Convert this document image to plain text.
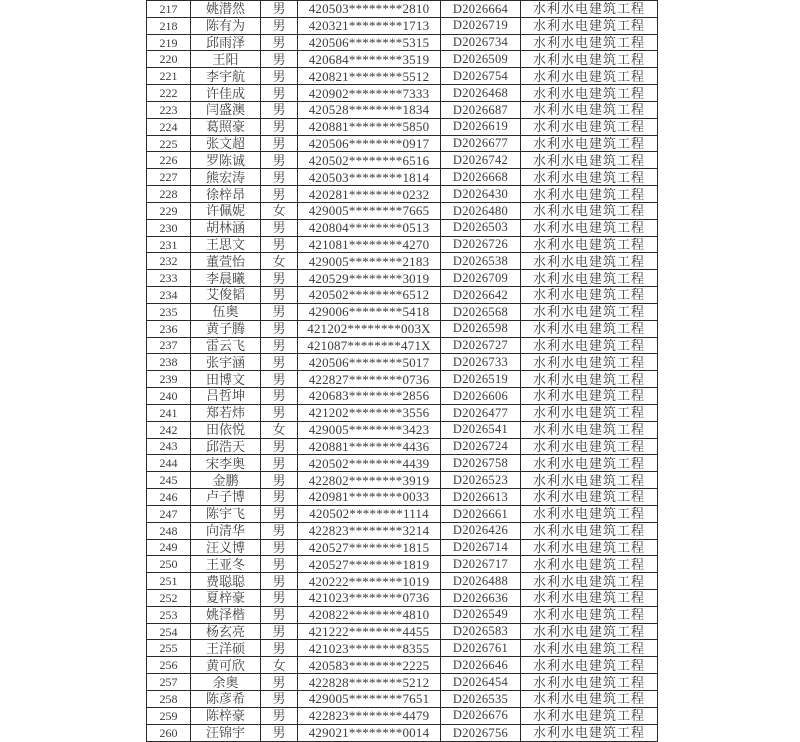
217	姚潜然	男	420503********2810	D2026664	水利水电建筑工程
218	陈有为	男	420321********1713	D2026719	水利水电建筑工程
219	邱雨泽	男	420506********5315	D2026734	水利水电建筑工程
220	王阳	男	420684********3519	D2026509	水利水电建筑工程
221	李宇航	男	420821********5512	D2026754	水利水电建筑工程
222	许佳成	男	420902********7333	D2026468	水利水电建筑工程
223	闫盛澳	男	420528********1834	D2026687	水利水电建筑工程
224	葛照豪	男	420881********5850	D2026619	水利水电建筑工程
225	张文超	男	420506********0917	D2026677	水利水电建筑工程
226	罗陈诚	男	420502********6516	D2026742	水利水电建筑工程
227	熊宏涛	男	420503********1814	D2026668	水利水电建筑工程
228	徐梓昂	男	420281********0232	D2026430	水利水电建筑工程
229	许佩妮	女	429005********7665	D2026480	水利水电建筑工程
230	胡林涵	男	420804********0513	D2026503	水利水电建筑工程
231	王思文	男	421081********4270	D2026726	水利水电建筑工程
232	董萱怡	女	429005********2183	D2026538	水利水电建筑工程
233	李晨曦	男	420529********3019	D2026709	水利水电建筑工程
234	艾俊韬	男	420502********6512	D2026642	水利水电建筑工程
235	伍奥	男	429006********5418	D2026568	水利水电建筑工程
236	黄子腾	男	421202********003X	D2026598	水利水电建筑工程
237	雷云飞	男	421087********471X	D2026727	水利水电建筑工程
238	张宇涵	男	420506********5017	D2026733	水利水电建筑工程
239	田博文	男	422827********0736	D2026519	水利水电建筑工程
240	吕哲坤	男	420683********2856	D2026606	水利水电建筑工程
241	郑若炜	男	421202********3556	D2026477	水利水电建筑工程
242	田依悦	女	429005********3423	D2026541	水利水电建筑工程
243	邱浩天	男	420881********4436	D2026724	水利水电建筑工程
244	宋李奥	男	420502********4439	D2026758	水利水电建筑工程
245	金鹏	男	422802********3919	D2026523	水利水电建筑工程
246	卢子博	男	420981********0033	D2026613	水利水电建筑工程
247	陈宇飞	男	420502********1114	D2026661	水利水电建筑工程
248	向清华	男	422823********3214	D2026426	水利水电建筑工程
249	汪义博	男	420527********1815	D2026714	水利水电建筑工程
250	王亚冬	男	420527********1819	D2026717	水利水电建筑工程
251	费聪聪	男	420222********1019	D2026488	水利水电建筑工程
252	夏梓豪	男	421023********0736	D2026636	水利水电建筑工程
253	姚泽楷	男	420822********4810	D2026549	水利水电建筑工程
254	杨玄亮	男	421222********4455	D2026583	水利水电建筑工程
255	王洋硕	男	421023********8355	D2026761	水利水电建筑工程
256	黄可欣	女	420583********2225	D2026646	水利水电建筑工程
257	余奥	男	422828********5212	D2026454	水利水电建筑工程
258	陈彦希	男	429005********7651	D2026535	水利水电建筑工程
259	陈梓豪	男	422823********4479	D2026676	水利水电建筑工程
260	汪锦宇	男	429021********0014	D2026756	水利水电建筑工程
